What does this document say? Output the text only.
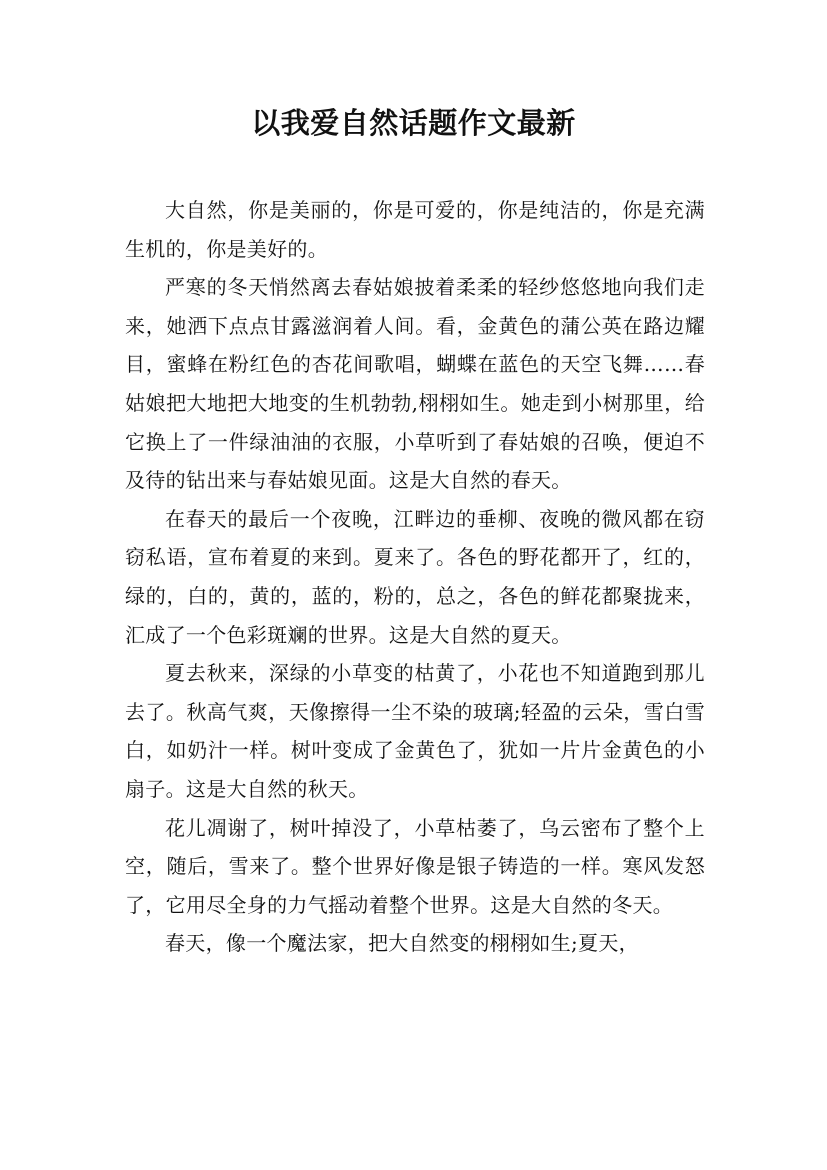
以我爱自然话题作文最新

大自然，你是美丽的，你是可爱的，你是纯洁的，你是充满生机的，你是美好的。

严寒的冬天悄然离去春姑娘披着柔柔的轻纱悠悠地向我们走来，她洒下点点甘露滋润着人间。看，金黄色的蒲公英在路边耀目，蜜蜂在粉红色的杏花间歌唱，蝴蝶在蓝色的天空飞舞……春姑娘把大地把大地变的生机勃勃,栩栩如生。她走到小树那里，给它换上了一件绿油油的衣服，小草听到了春姑娘的召唤，便迫不及待的钻出来与春姑娘见面。这是大自然的春天。

在春天的最后一个夜晚，江畔边的垂柳、夜晚的微风都在窃窃私语，宣布着夏的来到。夏来了。各色的野花都开了，红的，绿的，白的，黄的，蓝的，粉的，总之，各色的鲜花都聚拢来，汇成了一个色彩斑斓的世界。这是大自然的夏天。

夏去秋来，深绿的小草变的枯黄了，小花也不知道跑到那儿去了。秋高气爽，天像擦得一尘不染的玻璃;轻盈的云朵，雪白雪白，如奶汁一样。树叶变成了金黄色了，犹如一片片金黄色的小扇子。这是大自然的秋天。

花儿凋谢了，树叶掉没了，小草枯萎了，乌云密布了整个上空，随后，雪来了。整个世界好像是银子铸造的一样。寒风发怒了，它用尽全身的力气摇动着整个世界。这是大自然的冬天。

春天，像一个魔法家，把大自然变的栩栩如生;夏天，
